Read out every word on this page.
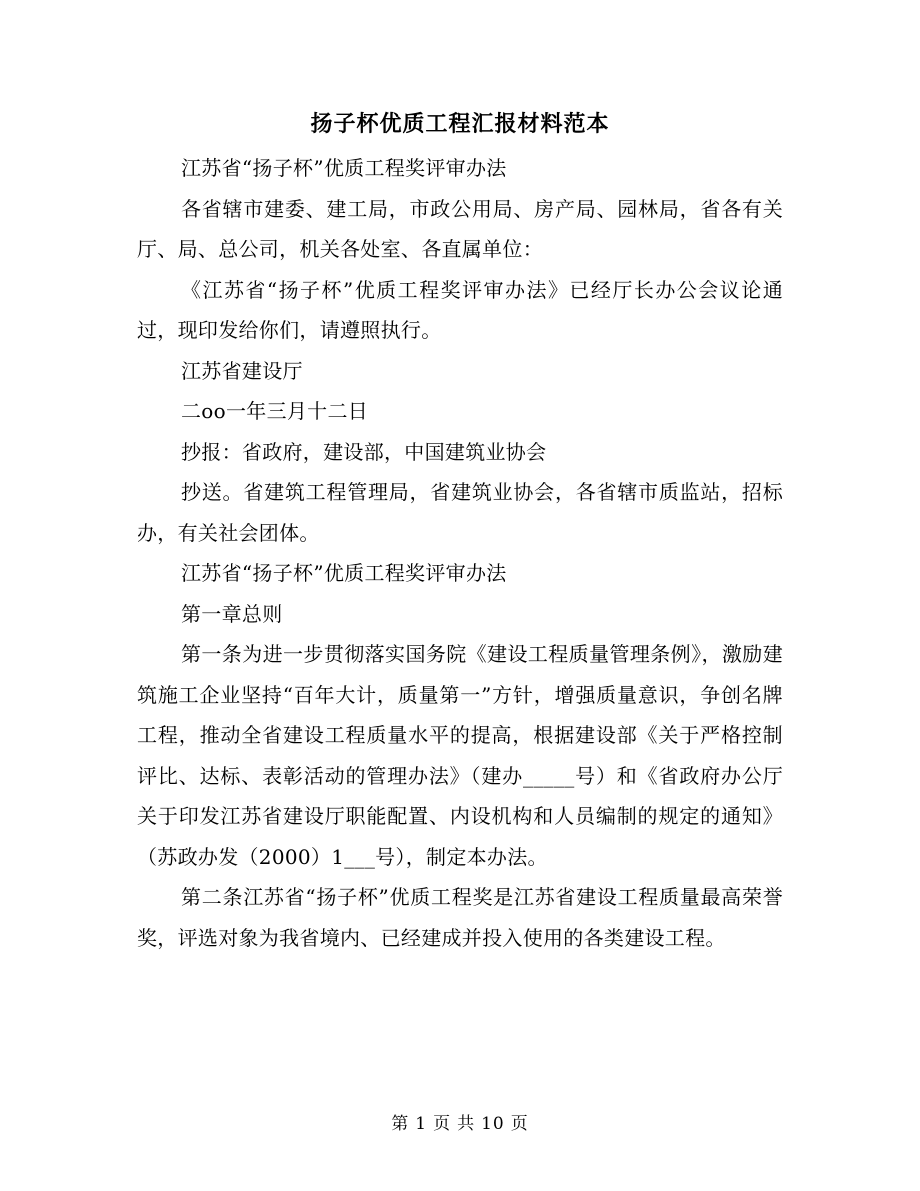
扬子杯优质工程汇报材料范本

江苏省“扬子杯”优质工程奖评审办法

各省辖市建委、建工局，市政公用局、房产局、园林局，省各有关厅、局、总公司，机关各处室、各直属单位：

《江苏省“扬子杯”优质工程奖评审办法》已经厅长办公会议论通过，现印发给你们，请遵照执行。

江苏省建设厅

二oo一年三月十二日

抄报：省政府，建设部，中国建筑业协会

抄送。省建筑工程管理局，省建筑业协会，各省辖市质监站，招标办，有关社会团体。

江苏省“扬子杯”优质工程奖评审办法

第一章总则

第一条为进一步贯彻落实国务院《建设工程质量管理条例》，激励建筑施工企业坚持“百年大计，质量第一”方针，增强质量意识，争创名牌工程，推动全省建设工程质量水平的提高，根据建设部《关于严格控制评比、达标、表彰活动的管理办法》（建办_____号）和《省政府办公厅关于印发江苏省建设厅职能配置、内设机构和人员编制的规定的通知》（苏政办发（2000）1___号），制定本办法。

第二条江苏省“扬子杯”优质工程奖是江苏省建设工程质量最高荣誉奖，评选对象为我省境内、已经建成并投入使用的各类建设工程。

第 1 页 共 10 页
